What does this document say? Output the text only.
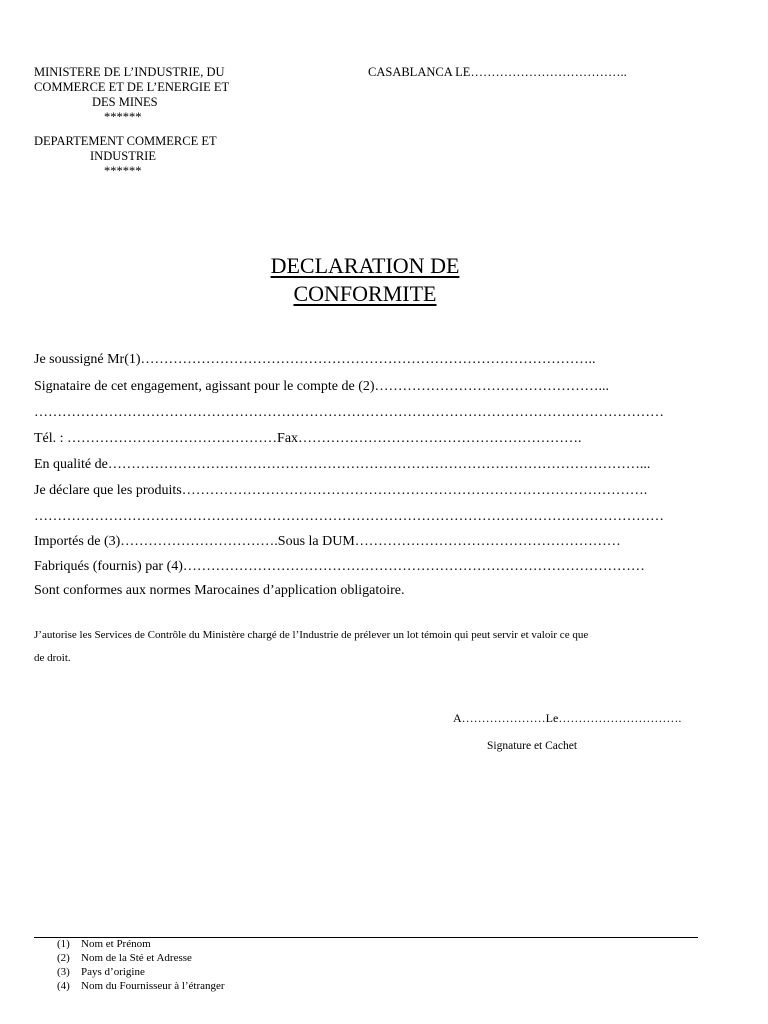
MINISTERE DE L’INDUSTRIE, DU
COMMERCE ET DE L’ENERGIE ET
DES MINES
******
DEPARTEMENT COMMERCE ET
INDUSTRIE
******
CASABLANCA LE………………………………..
DECLARATION DE
CONFORMITE
Je soussigné Mr(1)……………………………………………………………………………………..
Signataire de cet engagement, agissant pour le compte de (2)…………………………………………...
………………………………………………………………………………………………………………………
Tél. : ………………………………………Fax…………………………………………………….
En qualité de……………………………………………………………………………………………………...
Je déclare que les produits……………………………………………………………………………………….
………………………………………………………………………………………………………………………
Importés de (3)…………………………….Sous la DUM…………………………………………………
Fabriqués (fournis) par (4)………………………………………………………………………………………
Sont conformes aux normes Marocaines d’application obligatoire.
J’autorise les Services de Contrôle du Ministère chargé de l’Industrie de prélever un lot témoin qui peut servir et valoir ce que
de droit.
A…………………Le………………………….
Signature et Cachet
(1) Nom et Prénom
(2) Nom de la Sté et Adresse
(3) Pays d’origine
(4) Nom du Fournisseur à l’étranger
